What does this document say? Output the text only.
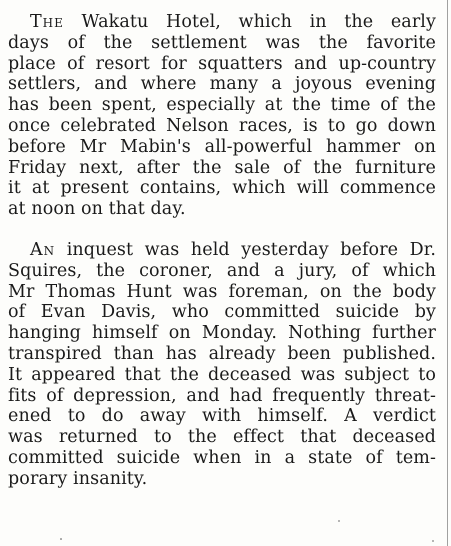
The Wakatu Hotel, which in the early
days of the settlement was the favorite
place of resort for squatters and up-country
settlers, and where many a joyous evening
has been spent, especially at the time of the
once celebrated Nelson races, is to go down
before Mr Mabin's all-powerful hammer on
Friday next, after the sale of the furniture
it at present contains, which will commence
at noon on that day.
An inquest was held yesterday before Dr.
Squires, the coroner, and a jury, of which
Mr Thomas Hunt was foreman, on the body
of Evan Davis, who committed suicide by
hanging himself on Monday. Nothing further
transpired than has already been published.
It appeared that the deceased was subject to
fits of depression, and had frequently threat-
ened to do away with himself. A verdict
was returned to the effect that deceased
committed suicide when in a state of tem-
porary insanity.
